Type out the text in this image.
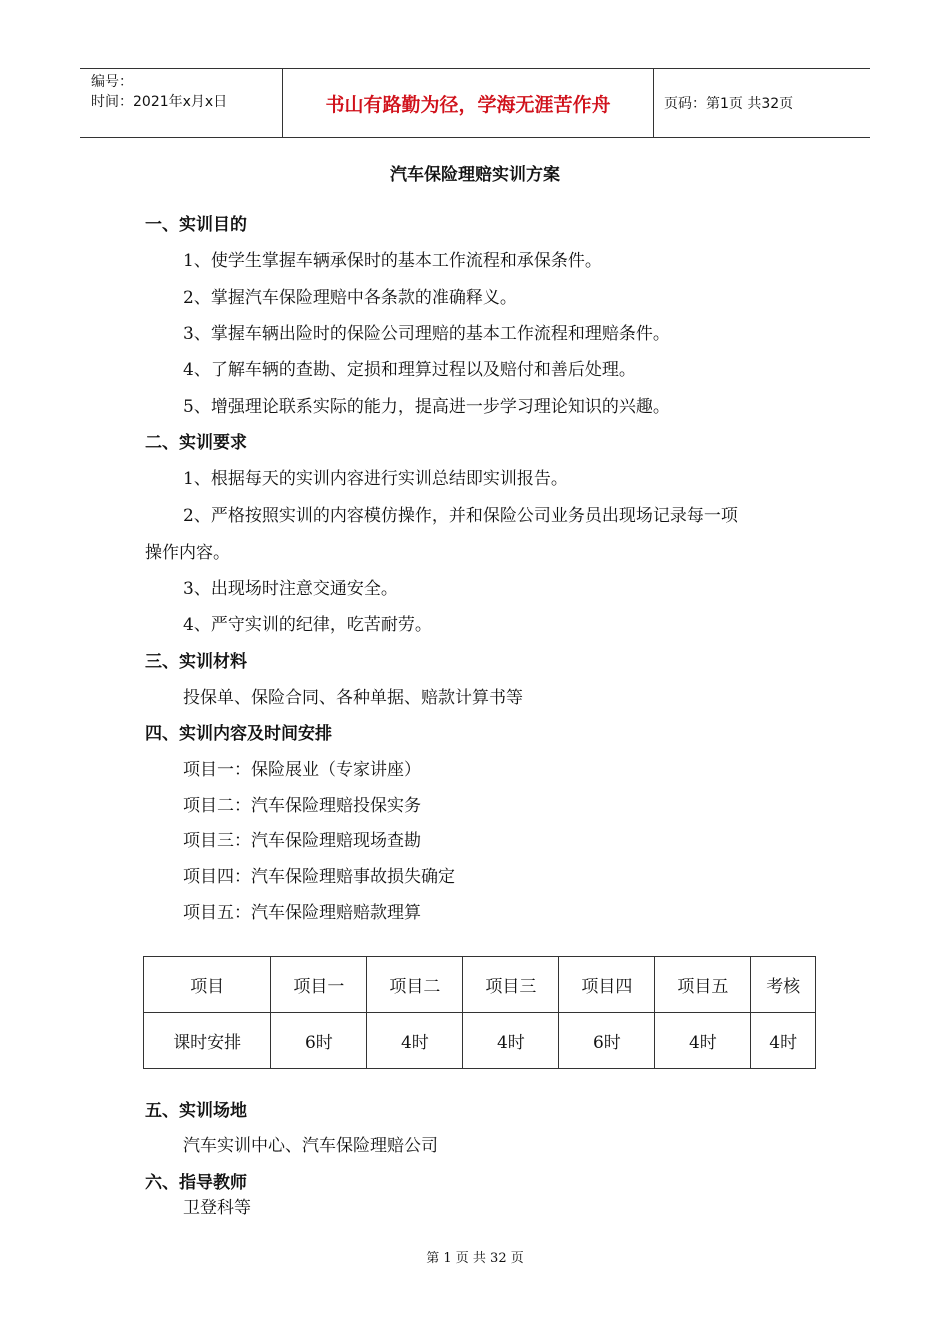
编号：
时间：2021年x月x日	书山有路勤为径，学海无涯苦作舟	页码：第1页 共32页
汽车保险理赔实训方案
一、实训目的
1、使学生掌握车辆承保时的基本工作流程和承保条件。
2、掌握汽车保险理赔中各条款的准确释义。
3、掌握车辆出险时的保险公司理赔的基本工作流程和理赔条件。
4、了解车辆的查勘、定损和理算过程以及赔付和善后处理。
5、增强理论联系实际的能力，提高进一步学习理论知识的兴趣。
二、实训要求
1、根据每天的实训内容进行实训总结即实训报告。
2、严格按照实训的内容模仿操作，并和保险公司业务员出现场记录每一项
操作内容。
3、出现场时注意交通安全。
4、严守实训的纪律，吃苦耐劳。
三、实训材料
投保单、保险合同、各种单据、赔款计算书等
四、实训内容及时间安排
项目一：保险展业（专家讲座）
项目二：汽车保险理赔投保实务
项目三：汽车保险理赔现场查勘
项目四：汽车保险理赔事故损失确定
项目五：汽车保险理赔赔款理算
项目	项目一	项目二	项目三	项目四	项目五	考核
课时安排	6时	4时	4时	6时	4时	4时
五、实训场地
汽车实训中心、汽车保险理赔公司
六、指导教师
卫登科等
第 1 页 共 32 页
